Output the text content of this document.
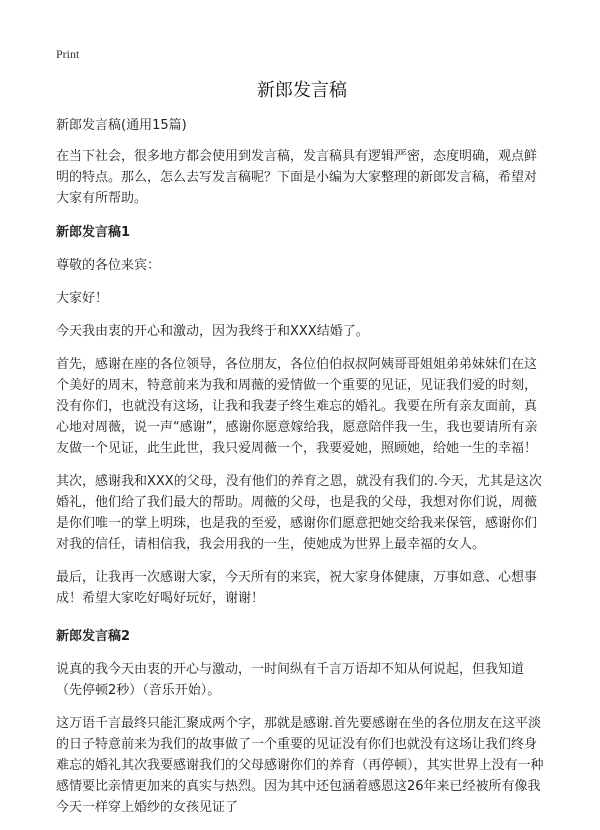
Print
新郎发言稿

新郎发言稿(通用15篇)

在当下社会，很多地方都会使用到发言稿，发言稿具有逻辑严密，态度明确，观点鲜明的特点。那么，怎么去写发言稿呢？下面是小编为大家整理的新郎发言稿，希望对大家有所帮助。

新郎发言稿1

尊敬的各位来宾：

大家好！

今天我由衷的开心和激动，因为我终于和XXX结婚了。

首先，感谢在座的各位领导，各位朋友，各位伯伯叔叔阿姨哥哥姐姐弟弟妹妹们在这个美好的周末，特意前来为我和周薇的爱情做一个重要的见证，见证我们爱的时刻，没有你们，也就没有这场，让我和我妻子终生难忘的婚礼。我要在所有亲友面前，真心地对周薇，说一声“感谢”，感谢你愿意嫁给我，愿意陪伴我一生，我也要请所有亲友做一个见证，此生此世，我只爱周薇一个，我要爱她，照顾她，给她一生的幸福！

其次，感谢我和XXX的父母，没有他们的养育之恩，就没有我们的.今天，尤其是这次婚礼，他们给了我们最大的帮助。周薇的父母，也是我的父母，我想对你们说，周薇是你们唯一的掌上明珠，也是我的至爱，感谢你们愿意把她交给我来保管，感谢你们对我的信任，请相信我，我会用我的一生，使她成为世界上最幸福的女人。

最后，让我再一次感谢大家，今天所有的来宾，祝大家身体健康，万事如意、心想事成！希望大家吃好喝好玩好，谢谢！

新郎发言稿2

说真的我今天由衷的开心与激动，一时间纵有千言万语却不知从何说起，但我知道（先停顿2秒）（音乐开始）。

这万语千言最终只能汇聚成两个字，那就是感谢.首先要感谢在坐的各位朋友在这平淡的日子特意前来为我们的故事做了一个重要的见证没有你们也就没有这场让我们终身难忘的婚礼其次我要感谢我们的父母感谢你们的养育（再停顿），其实世界上没有一种感情要比亲情更加来的真实与热烈。因为其中还包涵着感恩这26年来已经被所有像我今天一样穿上婚纱的女孩见证了
